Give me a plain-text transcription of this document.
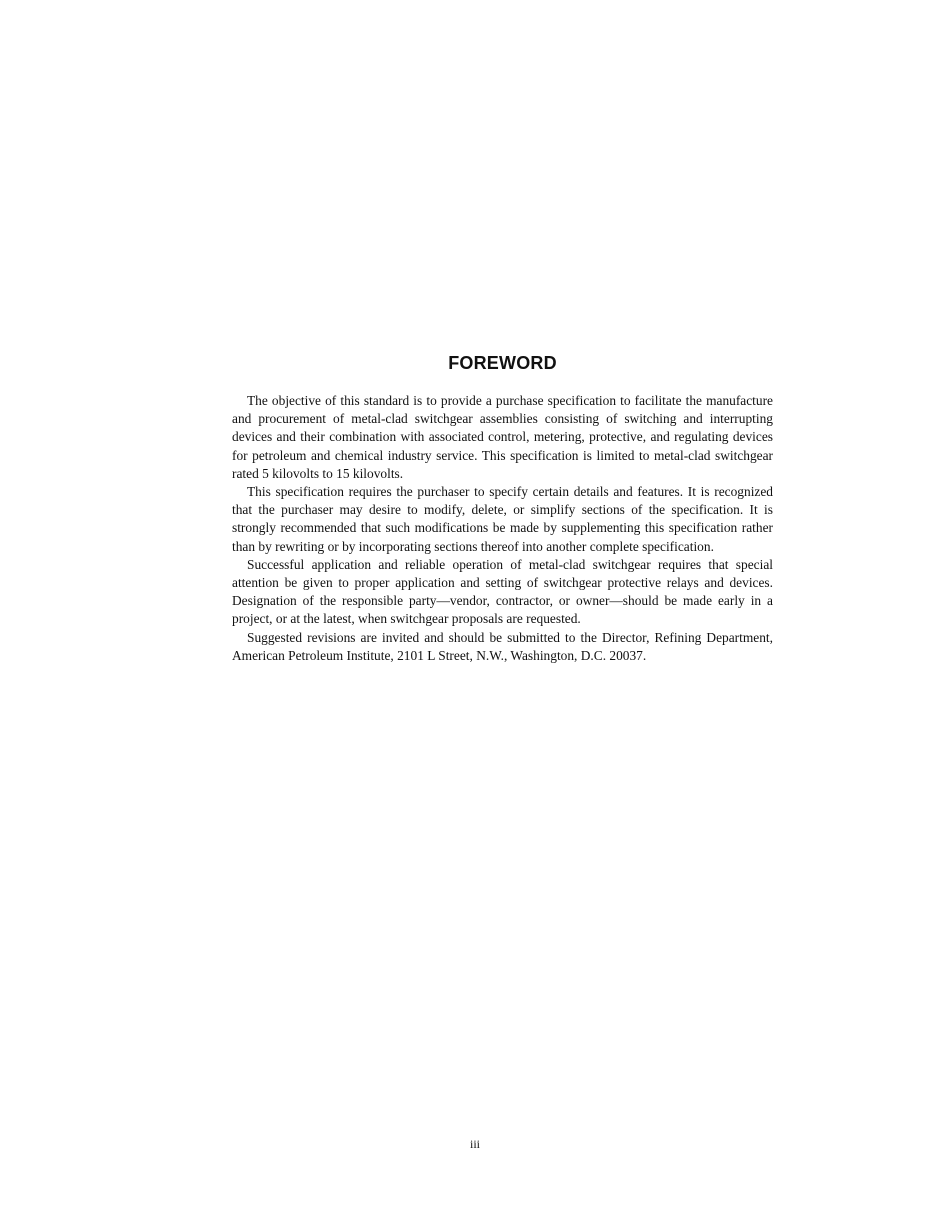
FOREWORD

The objective of this standard is to provide a purchase specification to facilitate the manufacture and procurement of metal-clad switchgear assemblies consisting of switching and interrupting devices and their combination with associated control, metering, protective, and regulating devices for petroleum and chemical industry service. This specification is limited to metal-clad switchgear rated 5 kilovolts to 15 kilovolts.

This specification requires the purchaser to specify certain details and features. It is recognized that the purchaser may desire to modify, delete, or simplify sections of the specification. It is strongly recommended that such modifications be made by supplementing this specification rather than by rewriting or by incorporating sections thereof into another complete specification.

Successful application and reliable operation of metal-clad switchgear requires that special attention be given to proper application and setting of switchgear protective relays and devices. Designation of the responsible party—vendor, contractor, or owner—should be made early in a project, or at the latest, when switchgear proposals are requested.

Suggested revisions are invited and should be submitted to the Director, Refining Department, American Petroleum Institute, 2101 L Street, N.W., Washington, D.C. 20037.

iii
